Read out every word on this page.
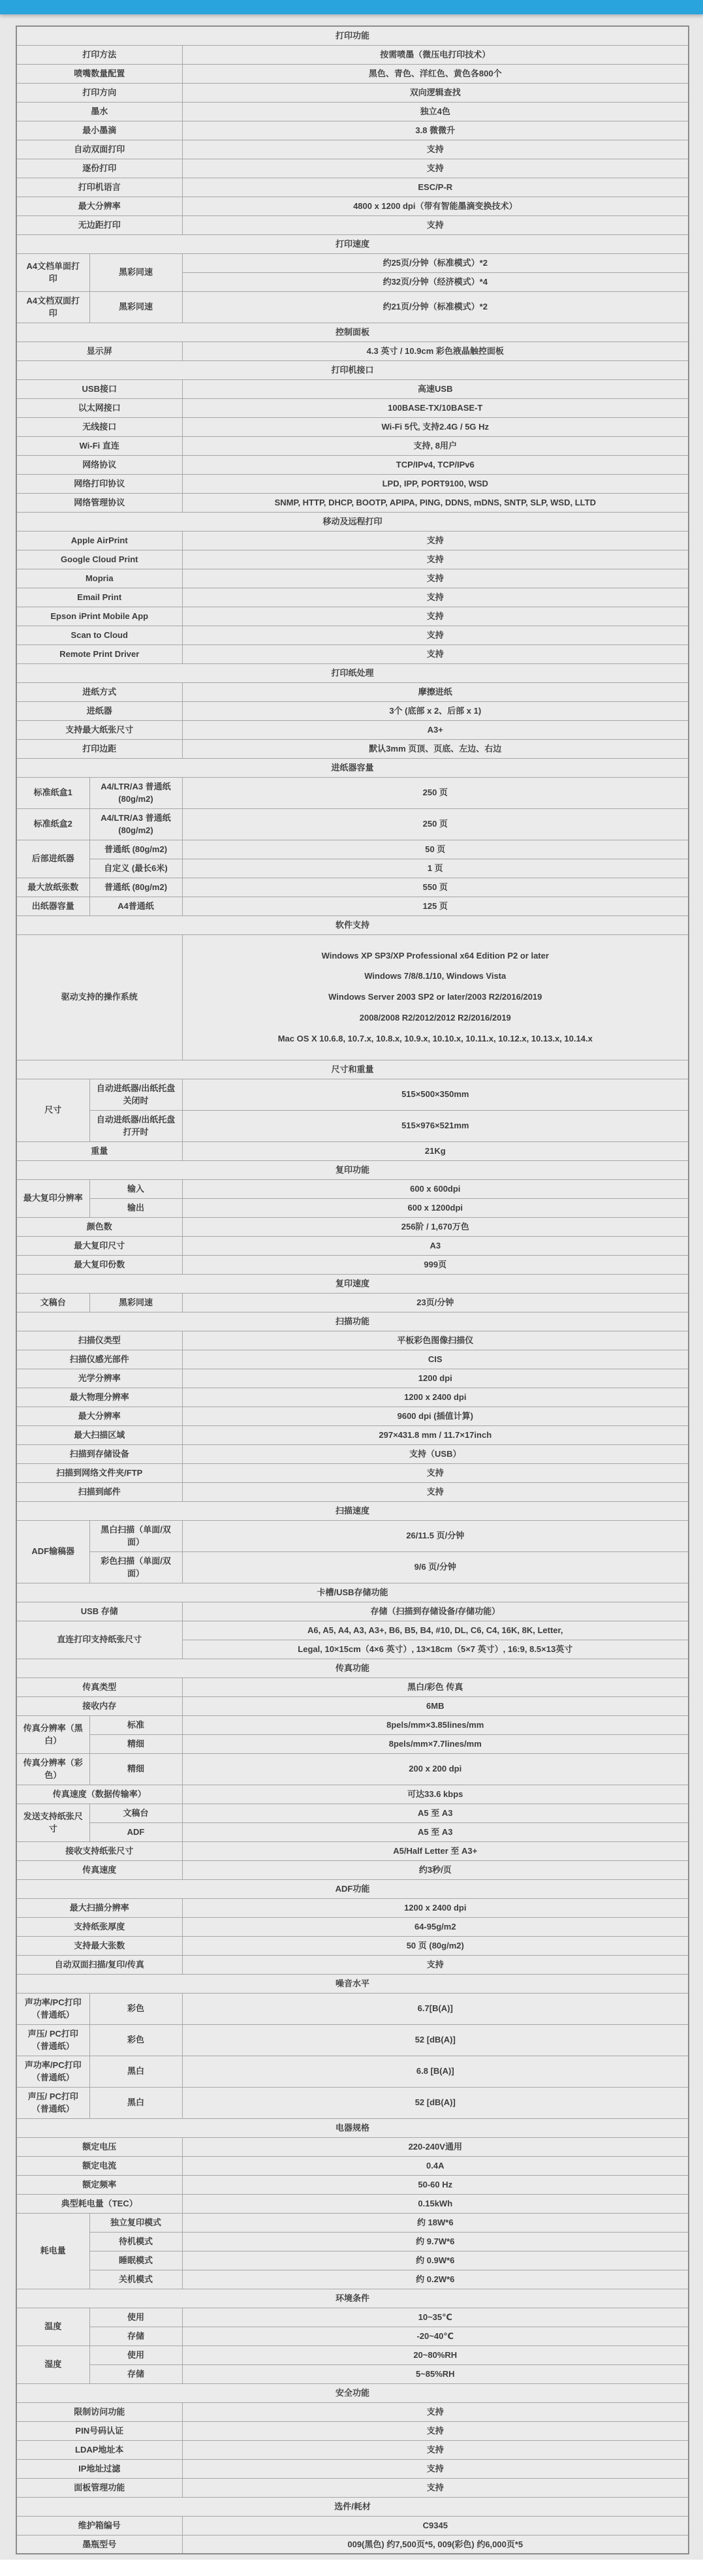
打印功能		
打印方法		按需喷墨（微压电打印技术）
喷嘴数量配置		黑色、青色、洋红色、黄色各800个
打印方向		双向逻辑查找
墨水		独立4色
最小墨滴		3.8 微微升
自动双面打印		支持
逐份打印		支持
打印机语言		ESC/P-R
最大分辨率		4800 x 1200 dpi（带有智能墨滴变换技术）
无边距打印		支持
打印速度		
A4文档单面打印	黑彩同速	约25页/分钟（标准模式）*2
		约32页/分钟（经济模式）*4
A4文档双面打印	黑彩同速	约21页/分钟（标准模式）*2
控制面板		
显示屏		4.3 英寸 / 10.9cm 彩色液晶触控面板
打印机接口		
USB接口		高速USB
以太网接口		100BASE-TX/10BASE-T
无线接口		Wi-Fi 5代, 支持2.4G / 5G Hz
Wi-Fi 直连		支持, 8用户
网络协议		TCP/IPv4, TCP/IPv6
网络打印协议		LPD, IPP, PORT9100, WSD
网络管理协议		SNMP, HTTP, DHCP, BOOTP, APIPA, PING, DDNS, mDNS, SNTP, SLP, WSD, LLTD
移动及远程打印		
Apple AirPrint		支持
Google Cloud Print		支持
Mopria		支持
Email Print		支持
Epson iPrint Mobile App		支持
Scan to Cloud		支持
Remote Print Driver		支持
打印纸处理		
进纸方式		摩擦进纸
进纸器		3个 (底部 x 2、后部 x 1)
支持最大纸张尺寸		A3+
打印边距		默认3mm 页顶、页底、左边、右边
进纸器容量		
标准纸盒1	A4/LTR/A3 普通纸 (80g/m2)	250 页
标准纸盒2	A4/LTR/A3 普通纸 (80g/m2)	250 页
后部进纸器	普通纸 (80g/m2)	50 页
	自定义 (最长6米)	1 页
最大放纸张数	普通纸 (80g/m2)	550 页
出纸器容量	A4普通纸	125 页
软件支持		
驱动支持的操作系统		Windows XP SP3/XP Professional x64 Edition P2 or later
Windows 7/8/8.1/10, Windows Vista
Windows Server 2003 SP2 or later/2003 R2/2016/2019
2008/2008 R2/2012/2012 R2/2016/2019
Mac OS X 10.6.8, 10.7.x, 10.8.x, 10.9.x, 10.10.x, 10.11.x, 10.12.x, 10.13.x, 10.14.x

尺寸和重量		
尺寸	自动进纸器/出纸托盘关闭时	515×500×350mm
	自动进纸器/出纸托盘打开时	515×976×521mm
重量		21Kg
复印功能		
最大复印分辨率	输入	600 x 600dpi
	输出	600 x 1200dpi
颜色数		256阶 / 1,670万色
最大复印尺寸		A3
最大复印份数		999页
复印速度		
文稿台	黑彩同速	23页/分钟
扫描功能		
扫描仪类型		平板彩色图像扫描仪
扫描仪感光部件		CIS
光学分辨率		1200 dpi
最大物理分辨率		1200 x 2400 dpi
最大分辨率		9600 dpi (插值计算)
最大扫描区域		297×431.8 mm / 11.7×17inch
扫描到存储设备		支持（USB）
扫描到网络文件夹/FTP		支持
扫描到邮件		支持
扫描速度		
ADF输稿器	黑白扫描（单面/双面）	26/11.5 页/分钟
	彩色扫描（单面/双面）	9/6 页/分钟
卡槽/USB存储功能		
USB 存储		存储（扫描到存储设备/存储功能）
直连打印支持纸张尺寸		A6, A5, A4, A3, A3+, B6, B5, B4, #10, DL, C6, C4, 16K, 8K, Letter,
		Legal, 10×15cm（4×6 英寸）, 13×18cm（5×7 英寸）, 16:9, 8.5×13英寸
传真功能		
传真类型		黑白/彩色 传真
接收内存		6MB
传真分辨率（黑白）	标准	8pels/mm×3.85lines/mm
	精细	8pels/mm×7.7lines/mm
传真分辨率（彩色）	精细	200 x 200 dpi
传真速度（数据传输率）		可达33.6 kbps
发送支持纸张尺寸	文稿台	A5 至 A3
	ADF	A5 至 A3
接收支持纸张尺寸		A5/Half Letter 至 A3+
传真速度		约3秒/页
ADF功能		
最大扫描分辨率		1200 x 2400 dpi
支持纸张厚度		64-95g/m2
支持最大张数		50 页 (80g/m2)
自动双面扫描/复印/传真		支持
噪音水平		
声功率/PC打印（普通纸）	彩色	6.7[B(A)]
声压/ PC打印（普通纸）	彩色	52 [dB(A)]
声功率/PC打印（普通纸）	黑白	6.8 [B(A)]
声压/ PC打印（普通纸）	黑白	52 [dB(A)]
电器规格		
额定电压		220-240V通用
额定电流		0.4A
额定频率		50-60 Hz
典型耗电量（TEC）		0.15kWh
耗电量	独立复印模式	约 18W*6
	待机模式	约 9.7W*6
	睡眠模式	约 0.9W*6
	关机模式	约 0.2W*6
环境条件		
温度	使用	10~35℃
	存储	-20~40℃
湿度	使用	20~80%RH
	存储	5~85%RH
安全功能		
限制访问功能		支持
PIN号码认证		支持
LDAP地址本		支持
IP地址过滤		支持
面板管理功能		支持
选件/耗材		
维护箱编号		C9345
墨瓶型号		009(黑色) 约7,500页*5, 009(彩色) 约6,000页*5
